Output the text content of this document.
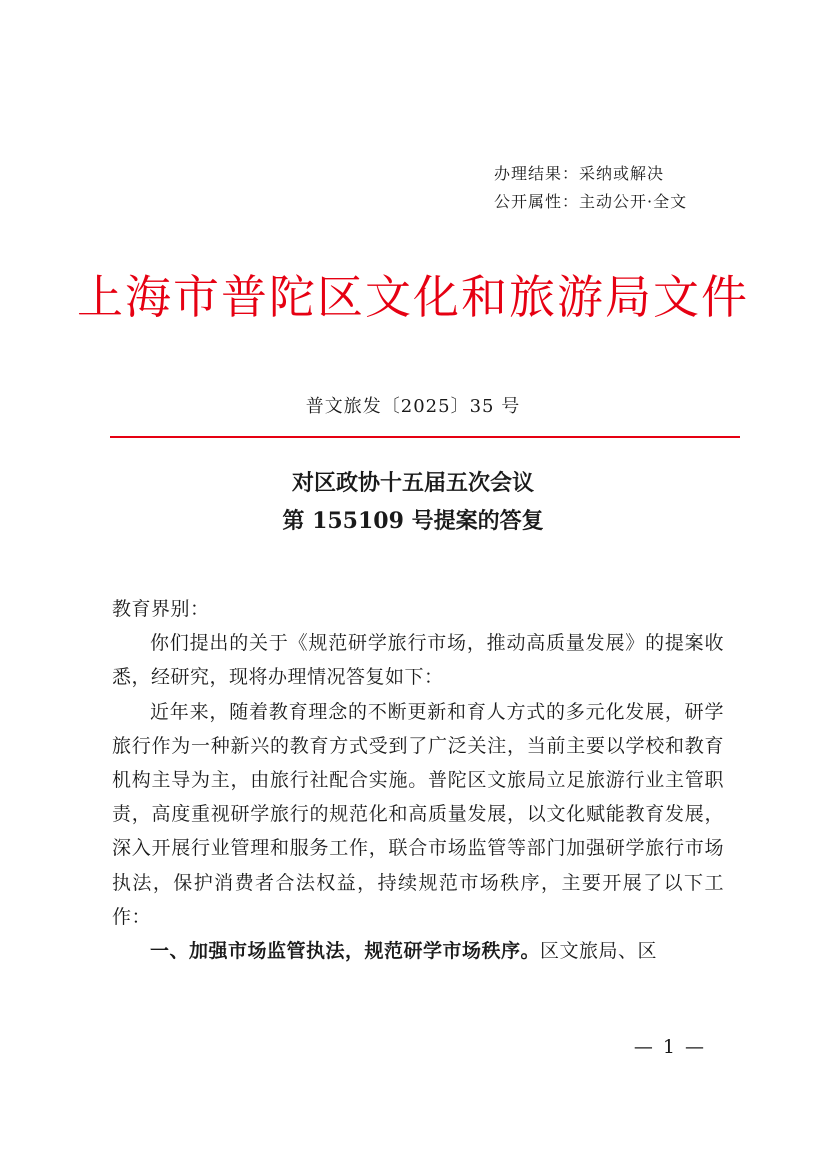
办理结果：采纳或解决
公开属性：主动公开·全文
上海市普陀区文化和旅游局文件
普文旅发〔2025〕35 号
对区政协十五届五次会议
第 155109 号提案的答复

教育界别：

你们提出的关于《规范研学旅行市场，推动高质量发展》的提案收悉，经研究，现将办理情况答复如下：

近年来，随着教育理念的不断更新和育人方式的多元化发展，研学旅行作为一种新兴的教育方式受到了广泛关注，当前主要以学校和教育机构主导为主，由旅行社配合实施。普陀区文旅局立足旅游行业主管职责，高度重视研学旅行的规范化和高质量发展，以文化赋能教育发展，深入开展行业管理和服务工作，联合市场监管等部门加强研学旅行市场执法，保护消费者合法权益，持续规范市场秩序，主要开展了以下工作：

一、加强市场监管执法，规范研学市场秩序。区文旅局、区

— 1 —
